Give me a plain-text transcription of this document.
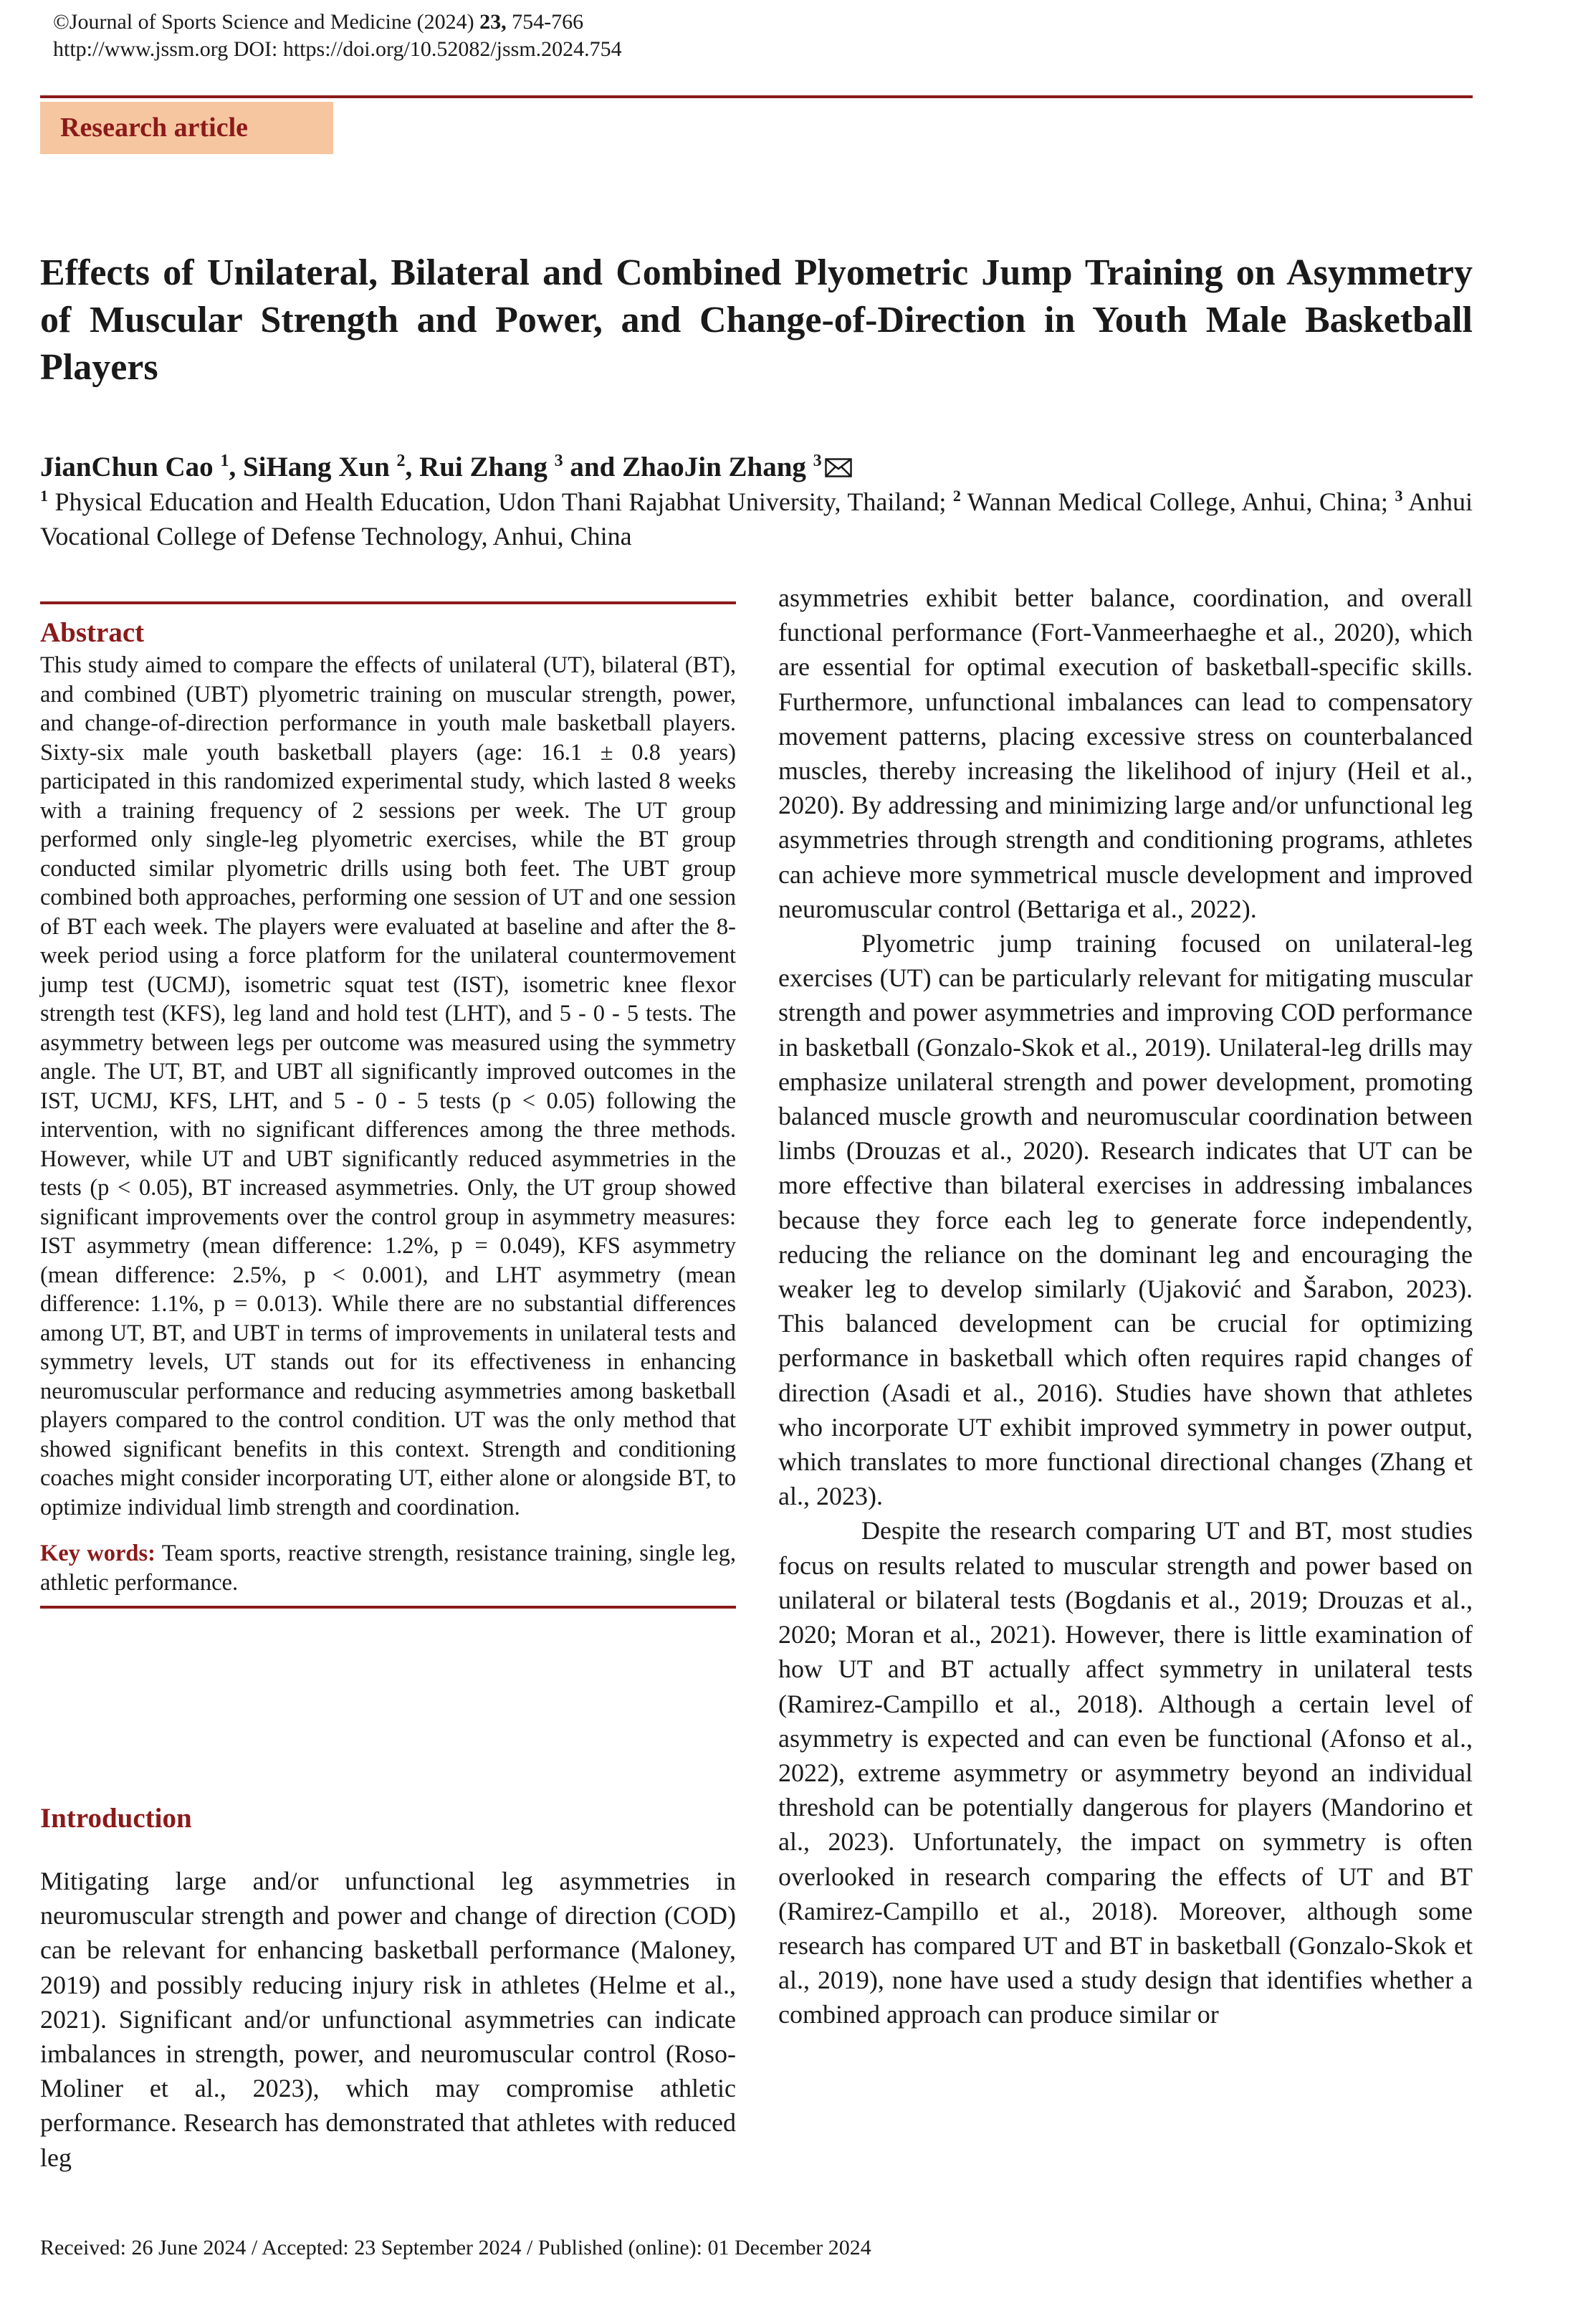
©Journal of Sports Science and Medicine (2024) 23, 754-766
http://www.jssm.org DOI: https://doi.org/10.52082/jssm.2024.754
Research article
Effects of Unilateral, Bilateral and Combined Plyometric Jump Training on Asymmetry of Muscular Strength and Power, and Change-of-Direction in Youth Male Basketball Players
JianChun Cao $^1$, SiHang Xun $^2$, Rui Zhang $^3$ and ZhaoJin Zhang $^3$
$^1$ Physical Education and Health Education, Udon Thani Rajabhat University, Thailand; $^2$ Wannan Medical College, Anhui, China; $^3$ Anhui Vocational College of Defense Technology, Anhui, China
Abstract

This study aimed to compare the effects of unilateral (UT), bilateral (BT), and combined (UBT) plyometric training on muscular strength, power, and change-of-direction performance in youth male basketball players. Sixty-six male youth basketball players (age: 16.1 ± 0.8 years) participated in this randomized experimental study, which lasted 8 weeks with a training frequency of 2 sessions per week. The UT group performed only single-leg plyometric exercises, while the BT group conducted similar plyometric drills using both feet. The UBT group combined both approaches, performing one session of UT and one session of BT each week. The players were evaluated at baseline and after the 8-week period using a force platform for the unilateral countermovement jump test (UCMJ), isometric squat test (IST), isometric knee flexor strength test (KFS), leg land and hold test (LHT), and 5 - 0 - 5 tests. The asymmetry between legs per outcome was measured using the symmetry angle. The UT, BT, and UBT all significantly improved outcomes in the IST, UCMJ, KFS, LHT, and 5 - 0 - 5 tests (p < 0.05) following the intervention, with no significant differences among the three methods. However, while UT and UBT significantly reduced asymmetries in the tests (p < 0.05), BT increased asymmetries. Only, the UT group showed significant improvements over the control group in asymmetry measures: IST asymmetry (mean difference: 1.2%, p = 0.049), KFS asymmetry (mean difference: 2.5%, p < 0.001), and LHT asymmetry (mean difference: 1.1%, p = 0.013). While there are no substantial differences among UT, BT, and UBT in terms of improvements in unilateral tests and symmetry levels, UT stands out for its effectiveness in enhancing neuromuscular performance and reducing asymmetries among basketball players compared to the control condition. UT was the only method that showed significant benefits in this context. Strength and conditioning coaches might consider incorporating UT, either alone or alongside BT, to optimize individual limb strength and coordination.

Key words: Team sports, reactive strength, resistance training, single leg, athletic performance.

Introduction

Mitigating large and/or unfunctional leg asymmetries in neuromuscular strength and power and change of direction (COD) can be relevant for enhancing basketball performance (Maloney, 2019) and possibly reducing injury risk in athletes (Helme et al., 2021). Significant and/or unfunctional asymmetries can indicate imbalances in strength, power, and neuromuscular control (Roso-Moliner et al., 2023), which may compromise athletic performance. Research has demonstrated that athletes with reduced leg

asymmetries exhibit better balance, coordination, and overall functional performance (Fort-Vanmeerhaeghe et al., 2020), which are essential for optimal execution of basketball-specific skills. Furthermore, unfunctional imbalances can lead to compensatory movement patterns, placing excessive stress on counterbalanced muscles, thereby increasing the likelihood of injury (Heil et al., 2020). By addressing and minimizing large and/or unfunctional leg asymmetries through strength and conditioning programs, athletes can achieve more symmetrical muscle development and improved neuromuscular control (Bettariga et al., 2022).

Plyometric jump training focused on unilateral-leg exercises (UT) can be particularly relevant for mitigating muscular strength and power asymmetries and improving COD performance in basketball (Gonzalo-Skok et al., 2019). Unilateral-leg drills may emphasize unilateral strength and power development, promoting balanced muscle growth and neuromuscular coordination between limbs (Drouzas et al., 2020). Research indicates that UT can be more effective than bilateral exercises in addressing imbalances because they force each leg to generate force independently, reducing the reliance on the dominant leg and encouraging the weaker leg to develop similarly (Ujaković and Šarabon, 2023). This balanced development can be crucial for optimizing performance in basketball which often requires rapid changes of direction (Asadi et al., 2016). Studies have shown that athletes who incorporate UT exhibit improved symmetry in power output, which translates to more functional directional changes (Zhang et al., 2023).

Despite the research comparing UT and BT, most studies focus on results related to muscular strength and power based on unilateral or bilateral tests (Bogdanis et al., 2019; Drouzas et al., 2020; Moran et al., 2021). However, there is little examination of how UT and BT actually affect symmetry in unilateral tests (Ramirez-Campillo et al., 2018). Although a certain level of asymmetry is expected and can even be functional (Afonso et al., 2022), extreme asymmetry or asymmetry beyond an individual threshold can be potentially dangerous for players (Mandorino et al., 2023). Unfortunately, the impact on symmetry is often overlooked in research comparing the effects of UT and BT (Ramirez-Campillo et al., 2018). Moreover, although some research has compared UT and BT in basketball (Gonzalo-Skok et al., 2019), none have used a study design that identifies whether a combined approach can produce similar or

Received: 26 June 2024 / Accepted: 23 September 2024 / Published (online): 01 December 2024
